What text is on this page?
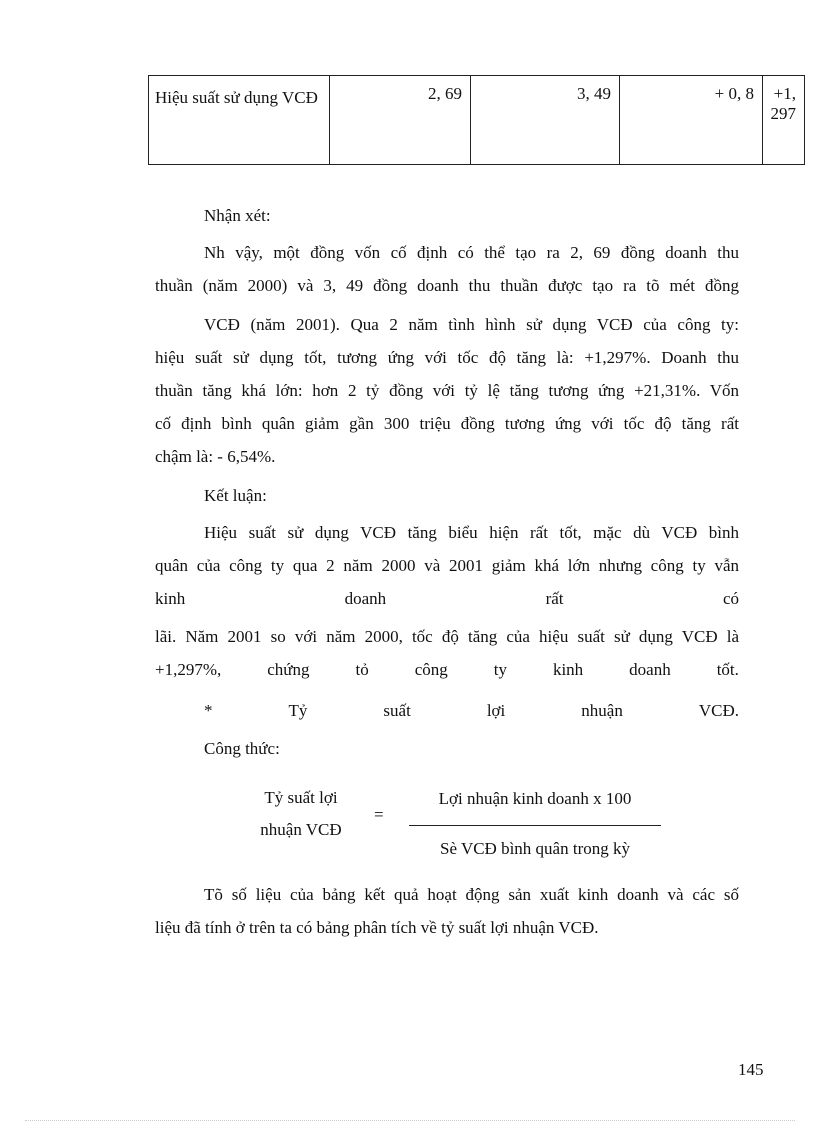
Hiệu suất sử dụng VCĐ	2, 69	3, 49	+ 0, 8	+1, 297
Nhận xét:
Nh vậy, một đồng vốn cố định có thể tạo ra 2, 69 đồng doanh thu
thuần (năm 2000) và 3, 49 đồng doanh thu thuần được tạo ra tõ mét đồng
VCĐ (năm 2001). Qua 2 năm tình hình sử dụng VCĐ của công ty:
hiệu suất sử dụng tốt, tương ứng với tốc độ tăng là: +1,297%. Doanh thu
thuần tăng khá lớn: hơn 2 tỷ đồng với tỷ lệ tăng tương ứng +21,31%. Vốn
cố định bình quân giảm gần 300 triệu đồng tương ứng với tốc độ tăng rất
chậm là: - 6,54%.
Kết luận:
Hiệu suất sử dụng VCĐ tăng biểu hiện rất tốt, mặc dù VCĐ bình
quân của công ty qua 2 năm 2000 và 2001 giảm khá lớn nhưng công ty vẫn
kinh	doanh	rất	có
lãi. Năm 2001 so với năm 2000, tốc độ tăng của hiệu suất sử dụng VCĐ là
+1,297%,	chứng	tỏ	công	ty	kinh	doanh	tốt.
*	Tỷ	suất	lợi	nhuận	VCĐ.
Công thức:
Tỷ suất lợi
nhuận VCĐ
=
Lợi nhuận kinh doanh x 100
Sè VCĐ bình quân trong kỳ
Tõ số liệu của bảng kết quả hoạt động sản xuất kinh doanh và các số
liệu đã tính ở trên ta có bảng phân tích về tỷ suất lợi nhuận VCĐ.
145
